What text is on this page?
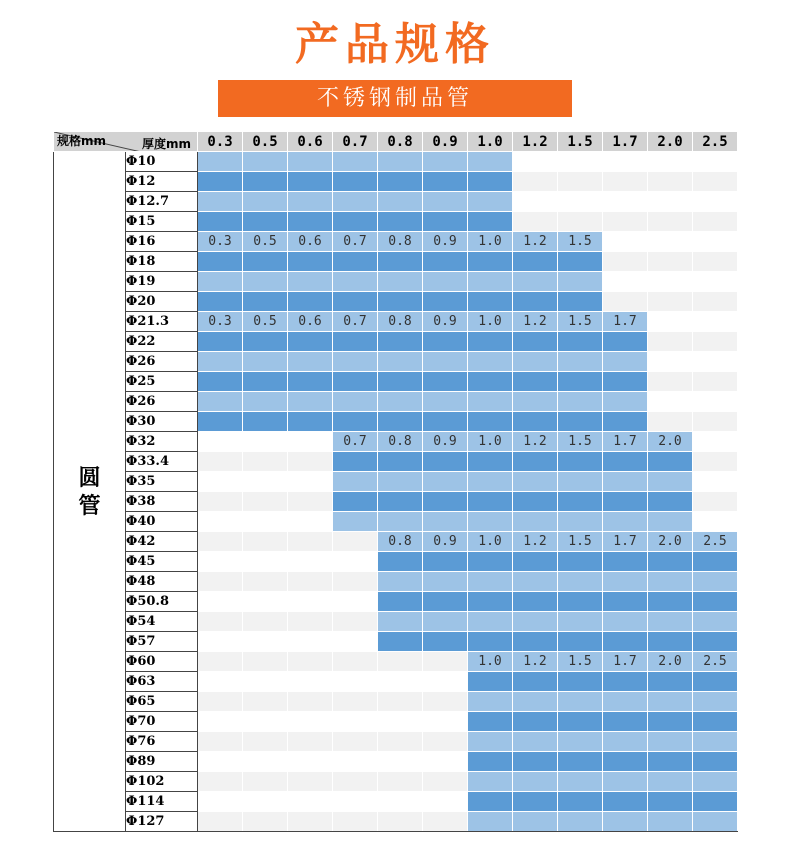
产品规格
不锈钢制品管
厚度mm
规格mm		0.3	0.5	0.6	0.7	0.8	0.9	1.0	1.2	1.5	1.7	2.0	2.5

圆
管	Φ10												
	Φ12												
	Φ12.7												
	Φ15												
	Φ16	0.3	0.5	0.6	0.7	0.8	0.9	1.0	1.2	1.5			
	Φ18												
	Φ19												
	Φ20												
	Φ21.3	0.3	0.5	0.6	0.7	0.8	0.9	1.0	1.2	1.5	1.7		
	Φ22												
	Φ26												
	Φ25												
	Φ26												
	Φ30												
	Φ32				0.7	0.8	0.9	1.0	1.2	1.5	1.7	2.0	
	Φ33.4												
	Φ35												
	Φ38												
	Φ40												
	Φ42					0.8	0.9	1.0	1.2	1.5	1.7	2.0	2.5
	Φ45												
	Φ48												
	Φ50.8												
	Φ54												
	Φ57												
	Φ60							1.0	1.2	1.5	1.7	2.0	2.5
	Φ63												
	Φ65												
	Φ70												
	Φ76												
	Φ89												
	Φ102												
	Φ114												
	Φ127												
